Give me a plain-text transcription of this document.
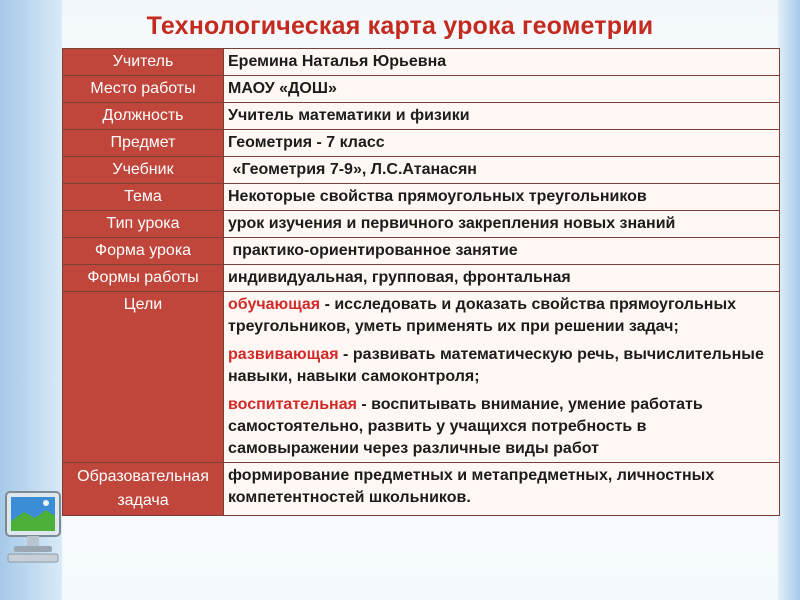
Технологическая карта урока геометрии
Учитель	Еремина Наталья Юрьевна
Место работы	МАОУ «ДОШ»
Должность	Учитель математики и физики
Предмет	Геометрия - 7 класс
Учебник	«Геометрия 7-9», Л.С.Атанасян
Тема	Некоторые свойства прямоугольных треугольников
Тип урока	урок изучения и первичного закрепления новых знаний
Форма урока	практико-ориентированное занятие
Формы работы	индивидуальная, групповая, фронтальная
Цели	обучающая - исследовать и доказать свойства прямоугольных треугольников, уметь применять их при решении задач;
развивающая - развивать математическую речь, вычислительные навыки, навыки самоконтроля;
воспитательная - воспитывать внимание, умение работать самостоятельно, развить у учащихся потребность в самовыражении через различные виды работ

Образовательная задача	формирование предметных и метапредметных, личностных компетентностей школьников.
